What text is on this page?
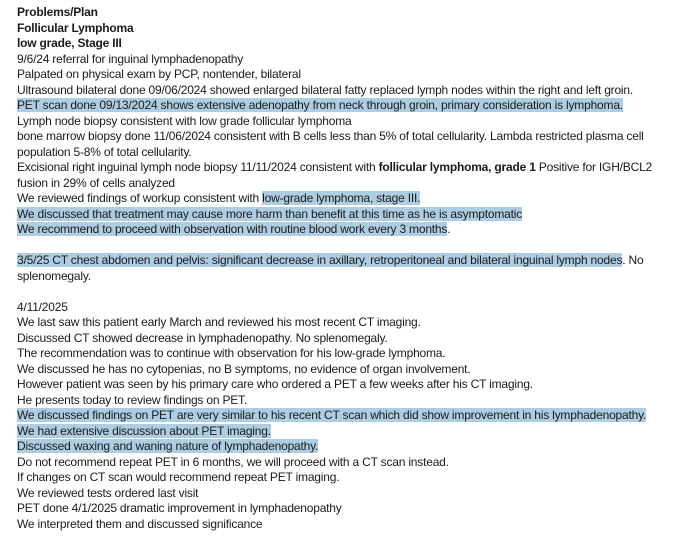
Problems/Plan

Follicular Lymphoma

low grade, Stage III

9/6/24 referral for inguinal lymphadenopathy

Palpated on physical exam by PCP, nontender, bilateral

Ultrasound bilateral done 09/06/2024 showed enlarged bilateral fatty replaced lymph nodes within the right and left groin.

PET scan done 09/13/2024 shows extensive adenopathy from neck through groin, primary consideration is lymphoma.

Lymph node biopsy consistent with low grade follicular lymphoma

bone marrow biopsy done 11/06/2024 consistent with B cells less than 5% of total cellularity. Lambda restricted plasma cell population 5-8% of total cellularity.

Excisional right inguinal lymph node biopsy 11/11/2024 consistent with follicular lymphoma, grade 1 Positive for IGH/BCL2 fusion in 29% of cells analyzed

We reviewed findings of workup consistent with low-grade lymphoma, stage III.

We discussed that treatment may cause more harm than benefit at this time as he is asymptomatic

We recommend to proceed with observation with routine blood work every 3 months.

3/5/25 CT chest abdomen and pelvis: significant decrease in axillary, retroperitoneal and bilateral inguinal lymph nodes. No splenomegaly.

4/11/2025

We last saw this patient early March and reviewed his most recent CT imaging.

Discussed CT showed decrease in lymphadenopathy. No splenomegaly.

The recommendation was to continue with observation for his low-grade lymphoma.

We discussed he has no cytopenias, no B symptoms, no evidence of organ involvement.

However patient was seen by his primary care who ordered a PET a few weeks after his CT imaging.

He presents today to review findings on PET.

We discussed findings on PET are very similar to his recent CT scan which did show improvement in his lymphadenopathy.

We had extensive discussion about PET imaging.

Discussed waxing and waning nature of lymphadenopathy.

Do not recommend repeat PET in 6 months, we will proceed with a CT scan instead.

If changes on CT scan would recommend repeat PET imaging.

We reviewed tests ordered last visit

PET done 4/1/2025 dramatic improvement in lymphadenopathy

We interpreted them and discussed significance
